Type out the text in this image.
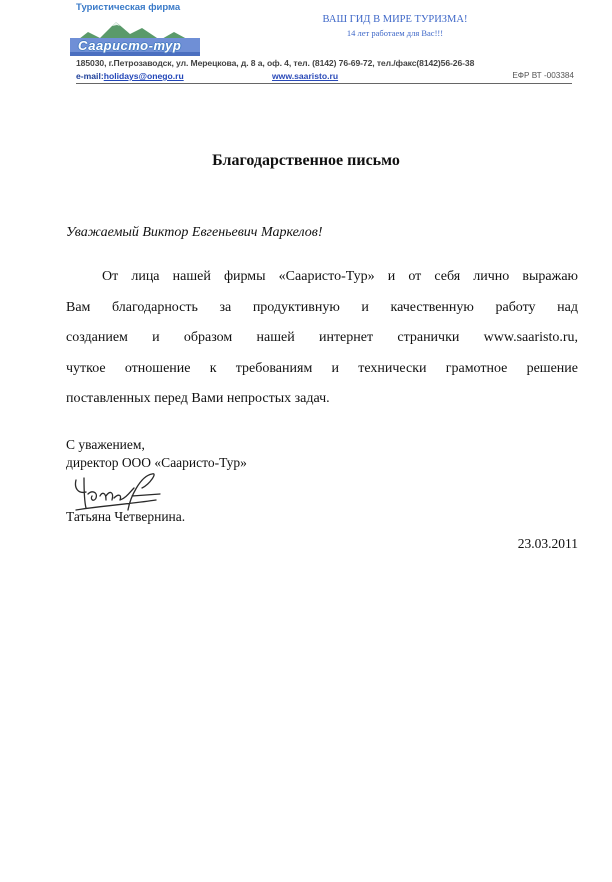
Туристическая фирма
Саaристо-тур
ВАШ ГИД В МИРЕ ТУРИЗМА!
14 лет работаем для Вас!!!
185030, г.Петрозаводск, ул. Мерецкова, д. 8 а, оф. 4, тел. (8142) 76-69-72, тел./факс(8142)56-26-38
e-mail:holidays@onego.ru	www.saaristo.ru	ЕФР ВТ -003384
Благодарственное письмо
Уважаемый Виктор Евгеньевич Маркелов!
От лица нашей фирмы «Саaристо-Тур» и от себя лично выражаю
Вам благодарность за продуктивную и качественную работу над
созданием и образом нашей интернет странички www.saaristo.ru,
чуткое отношение к требованиям и технически грамотное решение
поставленных перед Вами непростых задач.
С уважением,
директор ООО «Саaристо-Тур»
Татьяна Четвернина.
23.03.2011
